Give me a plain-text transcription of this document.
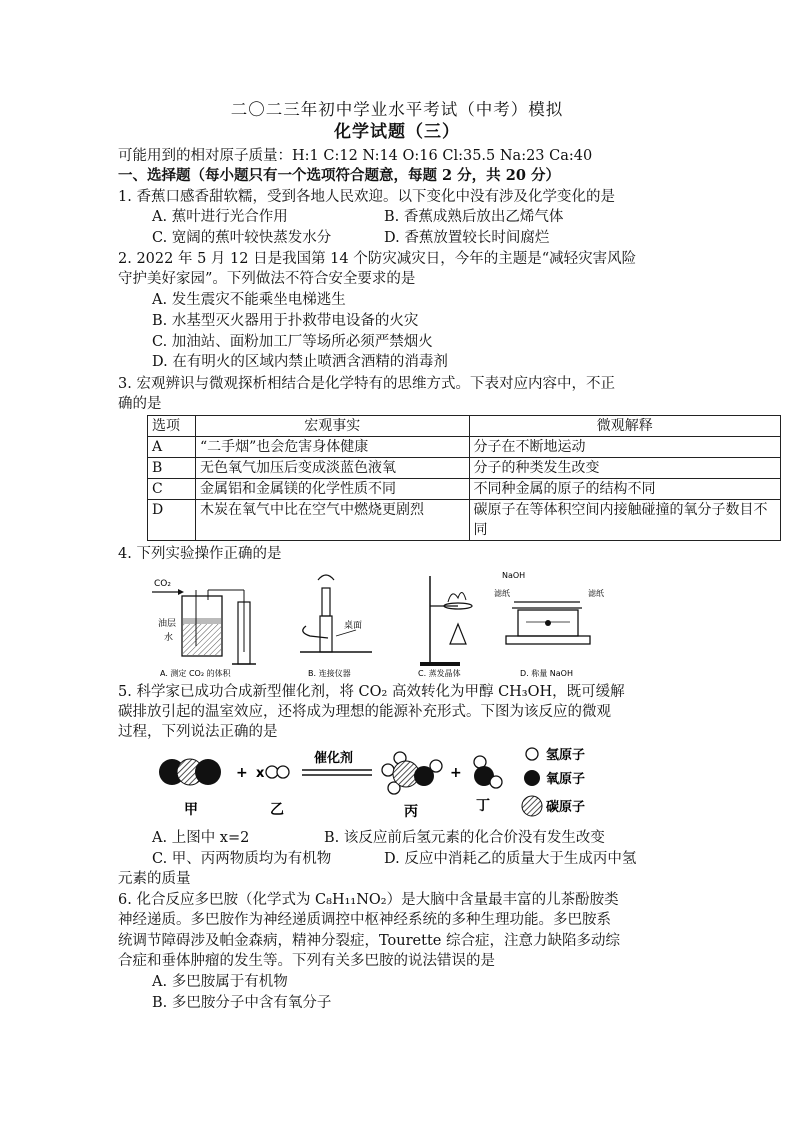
二〇二三年初中学业水平考试（中考）模拟
化学试题（三）
可能用到的相对原子质量：H:1 C:12 N:14 O:16 Cl:35.5 Na:23 Ca:40
一、选择题（每小题只有一个选项符合题意，每题 2 分，共 20 分）
1. 香蕉口感香甜软糯，受到各地人民欢迎。以下变化中没有涉及化学变化的是
A. 蕉叶进行光合作用	B. 香蕉成熟后放出乙烯气体
C. 宽阔的蕉叶较快蒸发水分	D. 香蕉放置较长时间腐烂
2. 2022 年 5 月 12 日是我国第 14 个防灾减灾日，今年的主题是“减轻灾害风险
守护美好家园”。下列做法不符合安全要求的是
A. 发生震灾不能乘坐电梯逃生
B. 水基型灭火器用于扑救带电设备的火灾
C. 加油站、面粉加工厂等场所必须严禁烟火
D. 在有明火的区域内禁止喷洒含酒精的消毒剂
3. 宏观辨识与微观探析相结合是化学特有的思维方式。下表对应内容中，不正
确的是
选项	宏观事实	微观解释
A	“二手烟”也会危害身体健康	分子在不断地运动
B	无色氧气加压后变成淡蓝色液氧	分子的种类发生改变
C	金属铝和金属镁的化学性质不同	不同种金属的原子的结构不同
D	木炭在氧气中比在空气中燃烧更剧烈	碳原子在等体积空间内接触碰撞的氧分子数目不同
4. 下列实验操作正确的是
CO₂
油层
水
A. 测定 CO₂ 的体积
桌面
B. 连接仪器	C. 蒸发晶体
NaOH
滤纸	滤纸
D. 称量 NaOH
5. 科学家已成功合成新型催化剂，将 CO₂ 高效转化为甲醇 CH₃OH，既可缓解
碳排放引起的温室效应，还将成为理想的能源补充形式。下图为该反应的微观
过程，下列说法正确的是
甲
+ x
乙
催化剂
丙
+
丁
氢原子
氧原子
碳原子
A. 上图中 x=2	B. 该反应前后氢元素的化合价没有发生改变
C. 甲、丙两物质均为有机物	D. 反应中消耗乙的质量大于生成丙中氢
元素的质量
6. 化合反应多巴胺（化学式为 C₈H₁₁NO₂）是大脑中含量最丰富的儿茶酚胺类
神经递质。多巴胺作为神经递质调控中枢神经系统的多种生理功能。多巴胺系
统调节障碍涉及帕金森病，精神分裂症，Tourette 综合症，注意力缺陷多动综
合症和垂体肿瘤的发生等。下列有关多巴胺的说法错误的是
A. 多巴胺属于有机物
B. 多巴胺分子中含有氧分子
